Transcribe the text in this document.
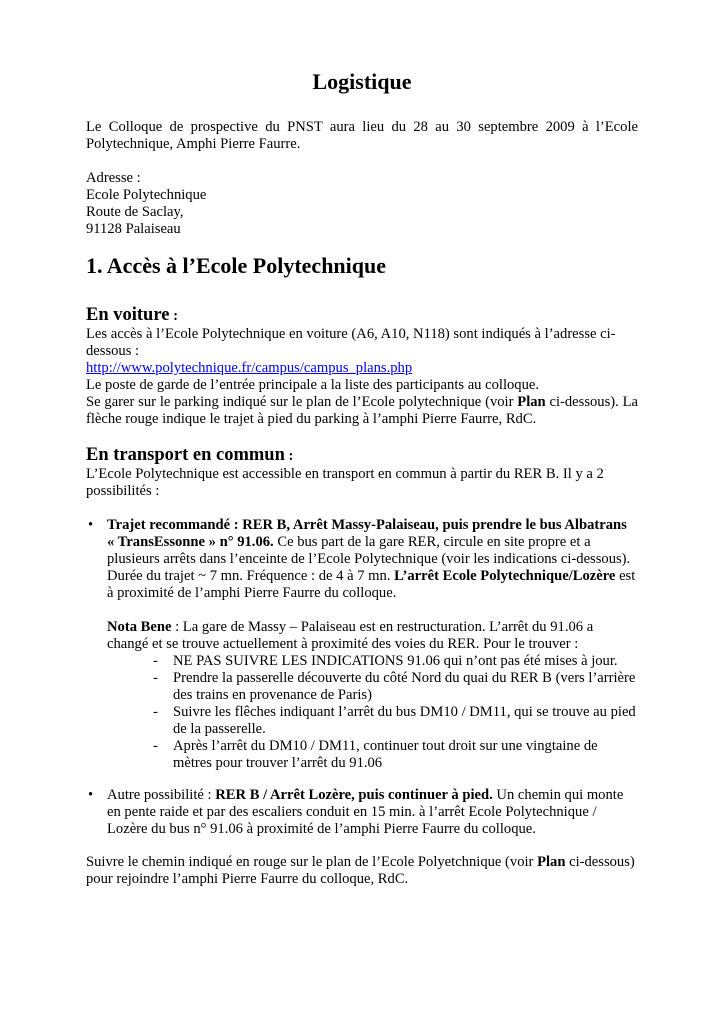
Logistique

Le Colloque de prospective du PNST aura lieu du 28 au 30 septembre 2009 à l’Ecole
Polytechnique, Amphi Pierre Faurre.

Adresse :
Ecole Polytechnique
Route de Saclay,
91128 Palaiseau
1. Accès à l’Ecole Polytechnique
En voiture :
Les accès à l’Ecole Polytechnique en voiture (A6, A10, N118) sont indiqués à l’adresse ci-
dessous :
http://www.polytechnique.fr/campus/campus_plans.php
Le poste de garde de l’entrée principale a la liste des participants au colloque.
Se garer sur le parking indiqué sur le plan de l’Ecole polytechnique (voir Plan ci-dessous). La
flèche rouge indique le trajet à pied du parking à l’amphi Pierre Faurre, RdC.
En transport en commun :
L’Ecole Polytechnique est accessible en transport en commun à partir du RER B. Il y a 2
possibilités :
• Trajet recommandé : RER B, Arrêt Massy-Palaiseau, puis prendre le bus Albatrans
« TransEssonne » n° 91.06. Ce bus part de la gare RER, circule en site propre et a
plusieurs arrêts dans l’enceinte de l’Ecole Polytechnique (voir les indications ci-dessous).
Durée du trajet ~ 7 mn. Fréquence : de 4 à 7 mn. L’arrêt Ecole Polytechnique/Lozère est
à proximité de l’amphi Pierre Faurre du colloque.
Nota Bene : La gare de Massy – Palaiseau est en restructuration. L’arrêt du 91.06 a
changé et se trouve actuellement à proximité des voies du RER. Pour le trouver :
-	NE PAS SUIVRE LES INDICATIONS 91.06 qui n’ont pas été mises à jour.
-	Prendre la passerelle découverte du côté Nord du quai du RER B (vers l’arrière
des trains en provenance de Paris)
-	Suivre les flêches indiquant l’arrêt du bus DM10 / DM11, qui se trouve au pied
de la passerelle.
-	Après l’arrêt du DM10 / DM11, continuer tout droit sur une vingtaine de
mètres pour trouver l’arrêt du 91.06
• Autre possibilité : RER B / Arrêt Lozère, puis continuer à pied. Un chemin qui monte
en pente raide et par des escaliers conduit en 15 min. à l’arrêt Ecole Polytechnique /
Lozère du bus n° 91.06 à proximité de l’amphi Pierre Faurre du colloque.
Suivre le chemin indiqué en rouge sur le plan de l’Ecole Polyetchnique (voir Plan ci-dessous)
pour rejoindre l’amphi Pierre Faurre du colloque, RdC.
